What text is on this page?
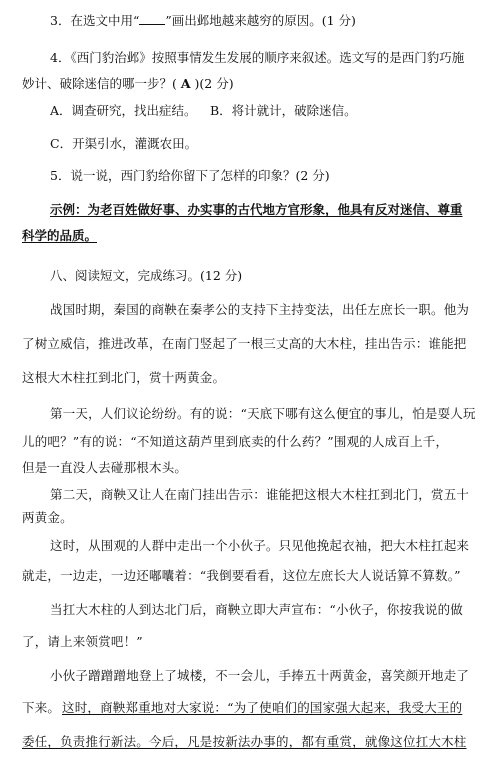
3．在选文中用“ ”画出邺地越来越穷的原因。(1 分)
4．《西门豹治邺》按照事情发生发展的顺序来叙述。选文写的是西门豹巧施
妙计、破除迷信的哪一步？( A )(2 分)
A．调查研究，找出症结。 B．将计就计，破除迷信。
C．开渠引水，灌溉农田。
5．说一说，西门豹给你留下了怎样的印象？(2 分)
示例：为老百姓做好事、办实事的古代地方官形象，他具有反对迷信、尊重
科学的品质。
八、阅读短文，完成练习。(12 分)
战国时期，秦国的商鞅在秦孝公的支持下主持变法，出任左庶长一职。他为
了树立威信，推进改革，在南门竖起了一根三丈高的大木柱，挂出告示：谁能把
这根大木柱扛到北门，赏十两黄金。
第一天，人们议论纷纷。有的说：“天底下哪有这么便宜的事儿，怕是耍人玩
儿的吧？”有的说：“不知道这葫芦里到底卖的什么药？”围观的人成百上千，
但是一直没人去碰那根木头。
第二天，商鞅又让人在南门挂出告示：谁能把这根大木柱扛到北门，赏五十
两黄金。
这时，从围观的人群中走出一个小伙子。只见他挽起衣袖，把大木柱扛起来
就走，一边走，一边还嘟囔着：“我倒要看看，这位左庶长大人说话算不算数。”
当扛大木柱的人到达北门后，商鞅立即大声宣布：“小伙子，你按我说的做
了，请上来领赏吧！”
小伙子蹭蹭蹭地登上了城楼，不一会儿，手捧五十两黄金，喜笑颜开地走了
下来。 这时，商鞅郑重地对大家说：“为了使咱们的国家强大起来，我受大王的
委任，负责推行新法。今后，凡是按新法办事的，都有重赏，就像这位扛大木柱
